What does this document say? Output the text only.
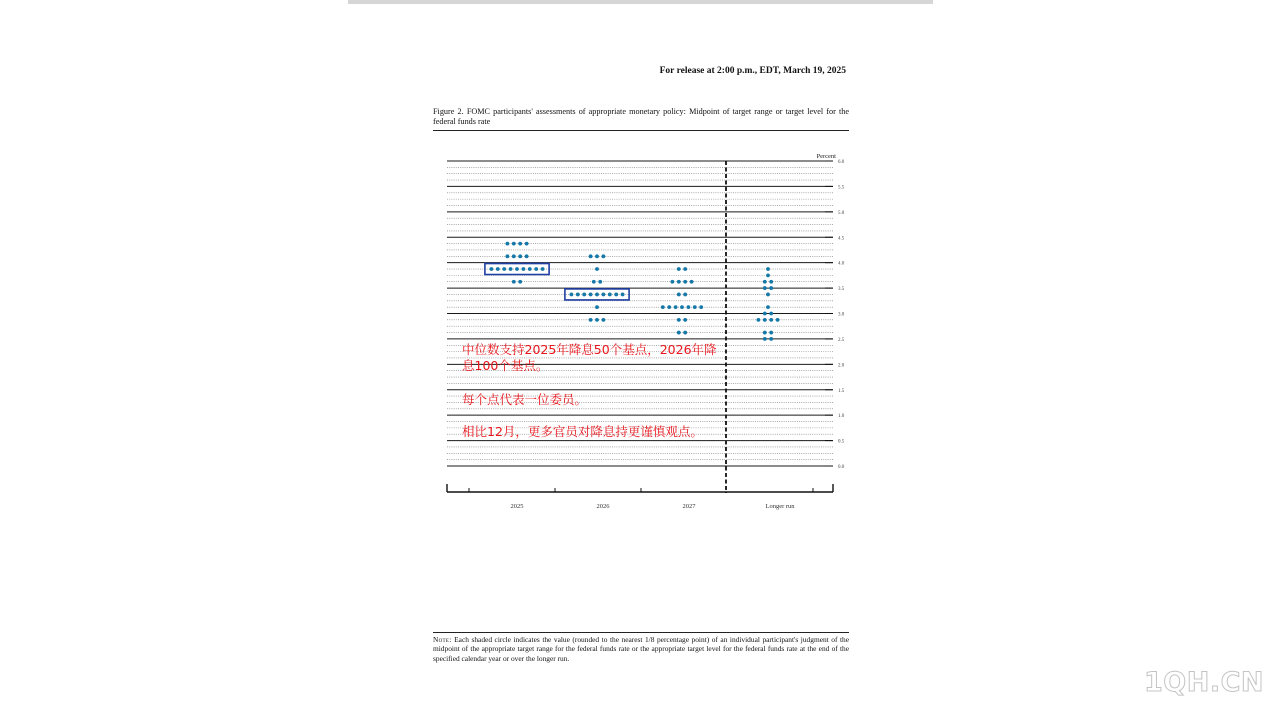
For release at 2:00 p.m., EDT, March 19, 2025
Figure 2. FOMC participants' assessments of appropriate monetary policy: Midpoint of target range or target level for the federal funds rate
0.0
0.5
1.0
1.5
2.0
2.5
3.0
3.5
4.0
4.5
5.0
5.5
6.0
2025	2026	2027	Longer run
Percent

中位数支持2025年降息50个基点，2026年降息100个基点。

每个点代表一位委员。

相比12月，更多官员对降息持更谨慎观点。

Note: Each shaded circle indicates the value (rounded to the nearest 1/8 percentage point) of an individual participant's judgment of the midpoint of the appropriate target range for the federal funds rate or the appropriate target level for the federal funds rate at the end of the specified calendar year or over the longer run.
1QH.CN
